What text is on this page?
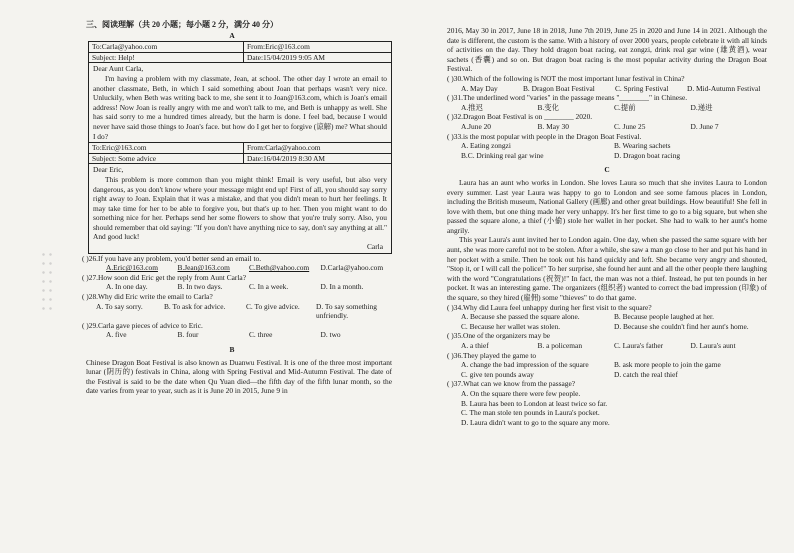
三、阅读理解（共 20 小题；每小题 2 分，满分 40 分）
A
To:Carla@yahoo.com	From:Eric@163.com
Subject: Help!	Date:15/04/2019 9:05 AM
Dear Aunt Carla,

I'm having a problem with my classmate, Jean, at school. The other day I wrote an email to another classmate, Beth, in which I said something about Joan that perhaps wasn't very nice. Unluckily, when Beth was writing back to me, she sent it to Joan@163.com, which is Joan's email address! Now Joan is really angry with me and won't talk to me, and Beth is unhappy as well. She has said sorry to me a hundred times already, but the harm is done. I feel bad, because I would never have said those things to Joan's face. but how do I get her to forgive (谅解) me? What should I do?

To:Eric@163.com	From:Carla@yahoo.com
Subject: Some advice	Date:16/04/2019 8:30 AM
Dear Eric,

This problem is more common than you might think! Email is very useful, but also very dangerous, as you don't know where your message might end up! First of all, you should say sorry right away to Joan. Explain that it was a mistake, and that you didn't mean to hurt her feelings. It may take time for her to be able to forgive you, but that's up to her. Then you might want to do something nice for her. Perhaps send her some flowers to show that you're truly sorry. Also, you should remember that old saying: "If you don't have anything nice to say, don't say anything at all." And good luck!

Carla
( )26.If you have any problem, you'd better send an email to.
A.Eric@163.com	B.Jean@163.com	C.Beth@yahoo.com	D.Carla@yahoo.com
( )27.How soon did Eric get the reply from Aunt Carla?
A. In one day.	B. In two days.	C. In a week.	D. In a month.
( )28.Why did Eric write the email to Carla?
A. To say sorry.	B. To ask for advice.	C. To give advice.	D. To say something unfriendly.
( )29.Carla gave pieces of advice to Eric.
A. five	B. four	C. three	D. two
B

Chinese Dragon Boat Festival is also known as Duanwu Festival. It is one of the three most important lunar (阴历的) festivals in China, along with Spring Festival and Mid-Autumn Festival. The date of the Festival is said to be the date when Qu Yuan died—the fifth day of the fifth lunar month, so the date varies from year to year, such as it is June 20 in 2015, June 9 in

2016, May 30 in 2017, June 18 in 2018, June 7th 2019, June 25 in 2020 and June 14 in 2021. Although the date is different, the custom is the same. With a history of over 2000 years, people celebrate it with all kinds of activities on the day. They hold dragon boat racing, eat zongzi, drink real gar wine (雄黄酒), wear sachets (香囊) and so on. But dragon boat racing is the most popular activity during the Dragon Boat Festival.

( )30.Which of the following is NOT the most important lunar festival in China?
A. May Day	B. Dragon Boat Festival	C. Spring Festival	D. Mid-Autumn Festival
( )31.The underlined word "varies" in the passage means "________" in Chinese.
A.推迟	B.变化	C.提前	D.递进
( )32.Dragon Boat Festival is on ________ 2020.
A.June 20	B. May 30	C. June 25	D. June 7
( )33.is the most popular with people in the Dragon Boat Festival.
A. Eating zongzi	B. Wearing sachets
B.C. Drinking real gar wine	D. Dragon boat racing
C

Laura has an aunt who works in London. She loves Laura so much that she invites Laura to London every summer. Last year Laura was happy to go to London and see some famous places in London, including the British museum, National Gallery (画廊) and other great buildings. How beautiful! She fell in love with them, but one thing made her very unhappy. It's her first time to go to a big square, but when she passed the square alone, a thief (小偷) stole her wallet in her pocket. She had to walk to her aunt's home angrily.

This year Laura's aunt invited her to London again. One day, when she passed the same square with her aunt, she was more careful not to be stolen. After a while, she saw a man go close to her and put his hand in her pocket with a smile. Then he took out his hand quickly and left. She became very angry and shouted, "Stop it, or I will call the police!" To her surprise, she found her aunt and all the other people there laughing with the word "Congratulations (祝贺)!" In fact, the man was not a thief. Instead, he put ten pounds in her pocket. It was an interesting game. The organizers (组织者) wanted to correct the bad impression (印象) of the square, so they hired (雇佣) some "thieves" to do that game.

( )34.Why did Laura feel unhappy during her first visit to the square?
A. Because she passed the square alone.	B. Because people laughed at her.
C. Because her wallet was stolen.	D. Because she couldn't find her aunt's home.
( )35.One of the organizers may be
A. a thief	B. a policeman	C. Laura's father	D. Laura's aunt
( )36.They played the game to
A. change the bad impression of the square	B. ask more people to join the game
C. give ten pounds away	D. catch the real thief
( )37.What can we know from the passage?
A. On the square there were few people.
B. Laura has been to London at least twice so far.
C. The man stole ten pounds in Laura's pocket.
D. Laura didn't want to go to the square any more.
